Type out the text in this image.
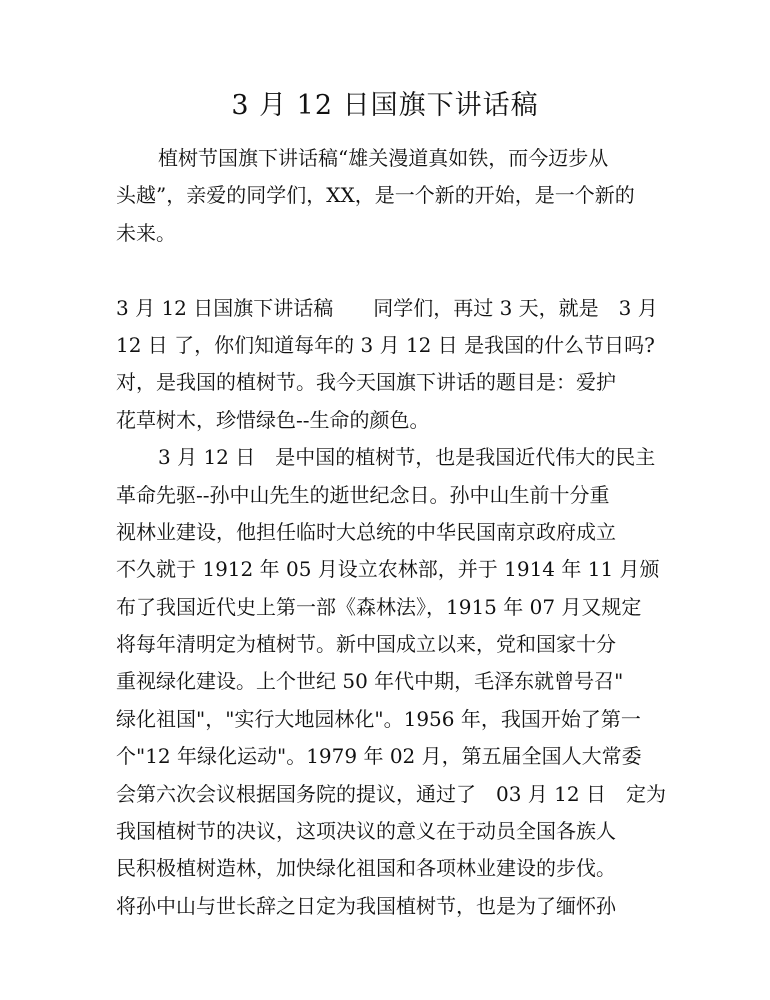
3 月 12 日国旗下讲话稿
植树节国旗下讲话稿“雄关漫道真如铁，而今迈步从
头越”，亲爱的同学们，XX，是一个新的开始，是一个新的
未来。
3 月 12 日国旗下讲话稿　　同学们，再过 3 天，就是　3 月
12 日 了，你们知道每年的 3 月 12 日 是我国的什么节日吗?
对，是我国的植树节。我今天国旗下讲话的题目是：爱护
花草树木，珍惜绿色--生命的颜色。
3 月 12 日　是中国的植树节，也是我国近代伟大的民主
革命先驱--孙中山先生的逝世纪念日。孙中山生前十分重
视林业建设，他担任临时大总统的中华民国南京政府成立
不久就于 1912 年 05 月设立农林部，并于 1914 年 11 月颁
布了我国近代史上第一部《森林法》，1915 年 07 月又规定
将每年清明定为植树节。新中国成立以来，党和国家十分
重视绿化建设。上个世纪 50 年代中期，毛泽东就曾号召"
绿化祖国"，"实行大地园林化"。1956 年，我国开始了第一
个"12 年绿化运动"。1979 年 02 月，第五届全国人大常委
会第六次会议根据国务院的提议，通过了　03 月 12 日　定为
我国植树节的决议，这项决议的意义在于动员全国各族人
民积极植树造林，加快绿化祖国和各项林业建设的步伐。
将孙中山与世长辞之日定为我国植树节，也是为了缅怀孙
